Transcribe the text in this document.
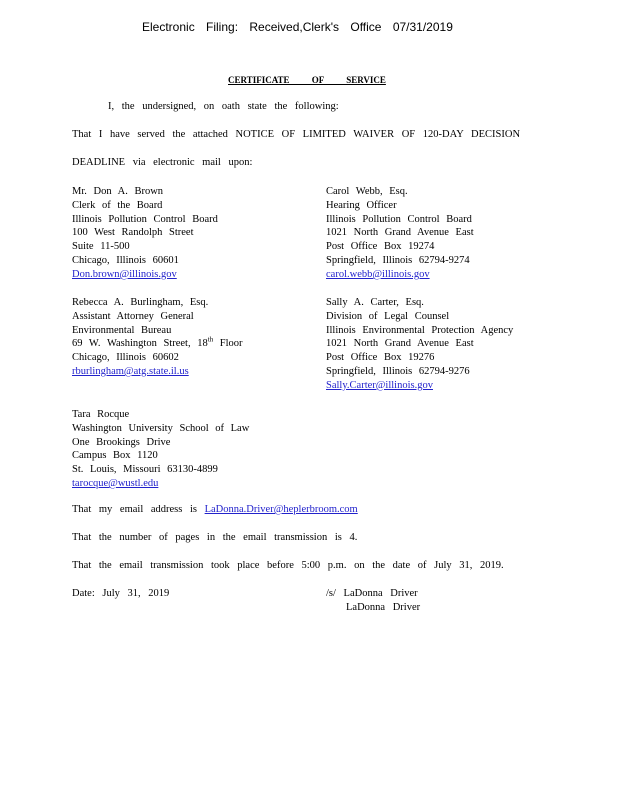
Electronic Filing: Received,Clerk's Office 07/31/2019
CERTIFICATE OF SERVICE
I, the undersigned, on oath state the following:
That I have served the attached NOTICE OF LIMITED WAIVER OF 120-DAY DECISION
DEADLINE via electronic mail upon:
Mr. Don A. Brown
Clerk of the Board
Illinois Pollution Control Board
100 West Randolph Street
Suite 11-500
Chicago, Illinois 60601
Don.brown@illinois.gov
Carol Webb, Esq.
Hearing Officer
Illinois Pollution Control Board
1021 North Grand Avenue East
Post Office Box 19274
Springfield, Illinois 62794-9274
carol.webb@illinois.gov
Rebecca A. Burlingham, Esq.
Assistant Attorney General
Environmental Bureau
69 W. Washington Street, 18th Floor
Chicago, Illinois 60602
rburlingham@atg.state.il.us
Sally A. Carter, Esq.
Division of Legal Counsel
Illinois Environmental Protection Agency
1021 North Grand Avenue East
Post Office Box 19276
Springfield, Illinois 62794-9276
Sally.Carter@illinois.gov
Tara Rocque
Washington University School of Law
One Brookings Drive
Campus Box 1120
St. Louis, Missouri 63130-4899
tarocque@wustl.edu
That my email address is LaDonna.Driver@heplerbroom.com
That the number of pages in the email transmission is 4.
That the email transmission took place before 5:00 p.m. on the date of July 31, 2019.
Date: July 31, 2019	/s/ LaDonna Driver
LaDonna Driver
